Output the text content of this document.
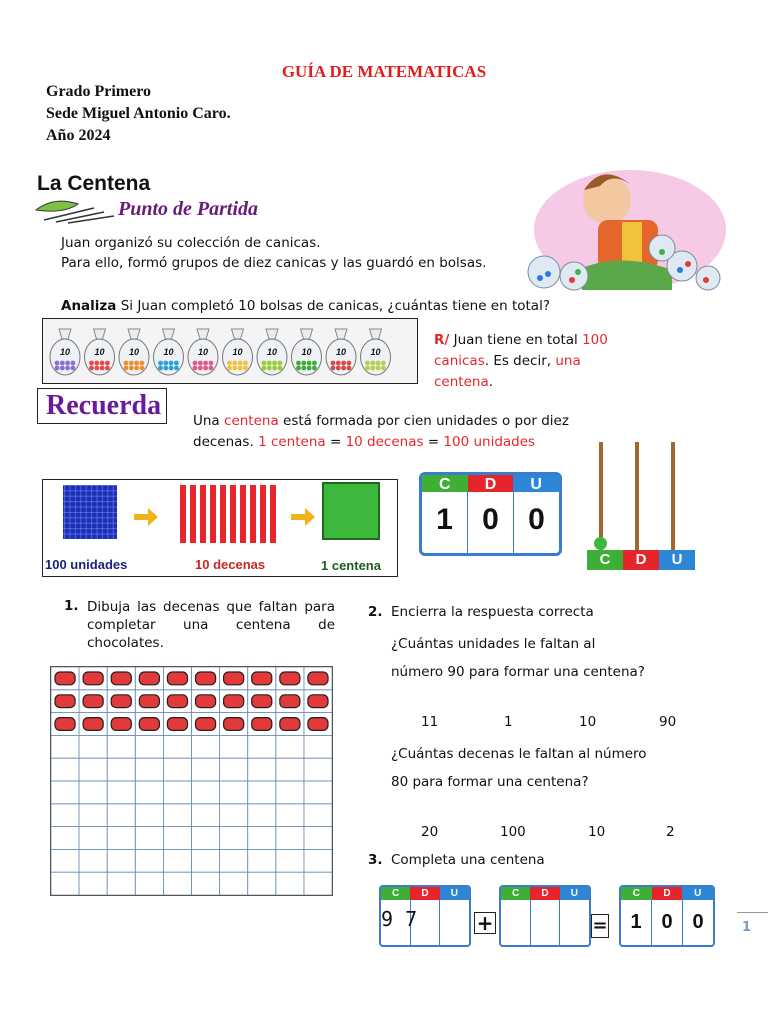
GUÍA DE MATEMATICAS
Grado Primero
Sede Miguel Antonio Caro.
Año 2024
La Centena
Punto de Partida
Juan organizó su colección de canicas.
Para ello, formó grupos de diez canicas y las guardó en bolsas.
Analiza Si Juan completó 10 bolsas de canicas, ¿cuántas tiene en total?
10	10	10	10	10	10	10	10	10	10
R/ Juan tiene en total 100 canicas. Es decir, una centena.
Recuerda	Una centena está formada por cien unidades o por diez decenas. 1 centena = 10 decenas = 100 unidades
100 unidades	10 decenas	1 centena
C	D	U
1 0 0
C	D	U
1. Dibuja las decenas que faltan para completar una centena de chocolates.
2. Encierra la respuesta correcta
¿Cuántas unidades le faltan al número 90 para formar una centena?
11	1	10	90
¿Cuántas decenas le faltan al número 80 para formar una centena?
20	100	10	2
3. Completa una centena
C	D	U
9 7	+
C	D	U
=
C	D	U
1 0 0	1
